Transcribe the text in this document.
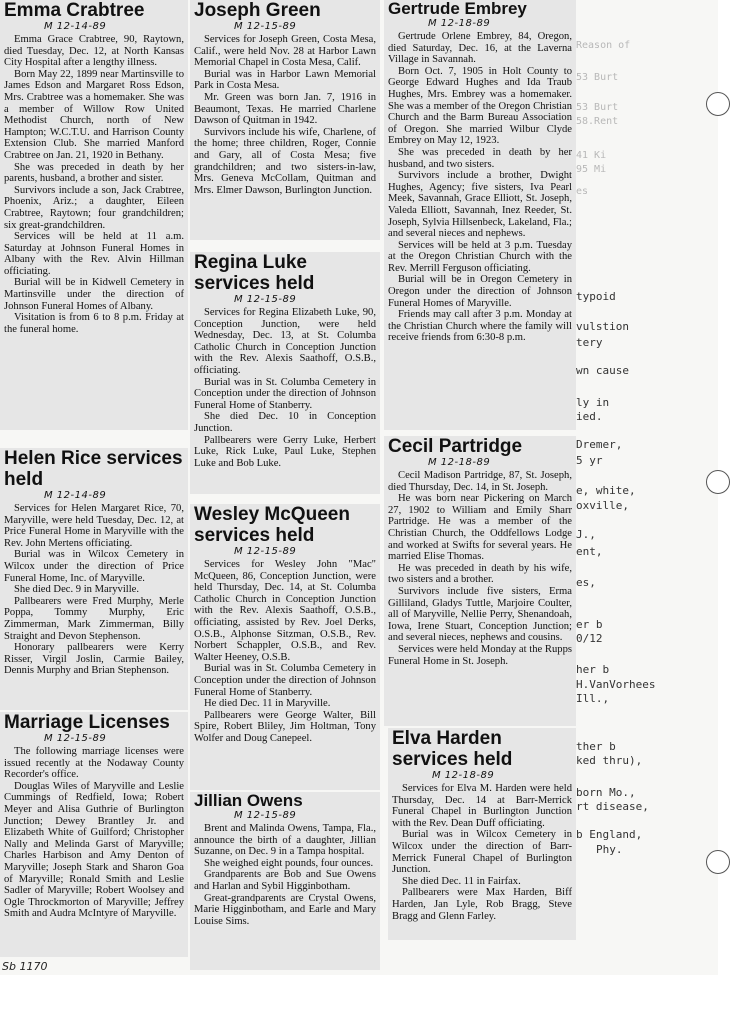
Reason of
53 Burt
53 Burt
58.Rent
41 Ki
95 Mi
es
typoid
vulstion
tery
wn cause
ly in
ied.
Dremer,
5 yr
e, white,
oxville,
J.,
ent,
es,
er b
0/12
her b
H.VanVorhees
Ill.,
ther b
ked thru),
born Mo.,
rt disease,
b England,
Phy.
Emma Crabtree
M 12-14-89

Emma Grace Crabtree, 90, Raytown, died Tuesday, Dec. 12, at North Kansas City Hospital after a lengthy illness.

Born May 22, 1899 near Martinsville to James Edson and Margaret Ross Edson, Mrs. Crabtree was a homemaker. She was a member of Willow Row United Methodist Church, north of New Hampton; W.C.T.U. and Harrison County Extension Club. She married Manford Crabtree on Jan. 21, 1920 in Bethany.

She was preceded in death by her parents, husband, a brother and sister.

Survivors include a son, Jack Crabtree, Phoenix, Ariz.; a daughter, Eileen Crabtree, Raytown; four grandchildren; six great-grandchildren.

Services will be held at 11 a.m. Saturday at Johnson Funeral Homes in Albany with the Rev. Alvin Hillman officiating.

Burial will be in Kidwell Cemetery in Martinsville under the direction of Johnson Funeral Homes of Albany.

Visitation is from 6 to 8 p.m. Friday at the funeral home.

Helen Rice services held
M 12-14-89

Services for Helen Margaret Rice, 70, Maryville, were held Tuesday, Dec. 12, at Price Funeral Home in Maryville with the Rev. John Mertens officiating.

Burial was in Wilcox Cemetery in Wilcox under the direction of Price Funeral Home, Inc. of Maryville.

She died Dec. 9 in Maryville.

Pallbearers were Fred Murphy, Merle Poppa, Tommy Murphy, Eric Zimmerman, Mark Zimmerman, Billy Straight and Devon Stephenson.

Honorary pallbearers were Kerry Risser, Virgil Joslin, Carmie Bailey, Dennis Murphy and Brian Stephenson.

Marriage Licenses
M 12-15-89

The following marriage licenses were issued recently at the Nodaway County Recorder's office.

Douglas Wiles of Maryville and Leslie Cummings of Redfield, Iowa; Robert Meyer and Alisa Guthrie of Burlington Junction; Dewey Brantley Jr. and Elizabeth White of Guilford; Christopher Nally and Melinda Garst of Maryville; Charles Harbison and Amy Denton of Maryville; Joseph Stark and Sharon Goa of Maryville; Ronald Smith and Leslie Sadler of Maryville; Robert Woolsey and Ogle Throckmorton of Maryville; Jeffrey Smith and Audra McIntyre of Maryville.

Joseph Green
M 12-15-89

Services for Joseph Green, Costa Mesa, Calif., were held Nov. 28 at Harbor Lawn Memorial Chapel in Costa Mesa, Calif.

Burial was in Harbor Lawn Memorial Park in Costa Mesa.

Mr. Green was born Jan. 7, 1916 in Beaumont, Texas. He married Charlene Dawson of Quitman in 1942.

Survivors include his wife, Charlene, of the home; three children, Roger, Connie and Gary, all of Costa Mesa; five grandchildren; and two sisters-in-law, Mrs. Geneva McCollam, Quitman and Mrs. Elmer Dawson, Burlington Junction.

Regina Luke services held
M 12-15-89

Services for Regina Elizabeth Luke, 90, Conception Junction, were held Wednesday, Dec. 13, at St. Columba Catholic Church in Conception Junction with the Rev. Alexis Saathoff, O.S.B., officiating.

Burial was in St. Columba Cemetery in Conception under the direction of Johnson Funeral Home of Stanberry.

She died Dec. 10 in Conception Junction.

Pallbearers were Gerry Luke, Herbert Luke, Rick Luke, Paul Luke, Stephen Luke and Bob Luke.

Wesley McQueen services held
M 12-15-89

Services for Wesley John "Mac" McQueen, 86, Conception Junction, were held Thursday, Dec. 14, at St. Columba Catholic Church in Conception Junction with the Rev. Alexis Saathoff, O.S.B., officiating, assisted by Rev. Joel Derks, O.S.B., Alphonse Sitzman, O.S.B., Rev. Norbert Schappler, O.S.B., and Rev. Walter Heeney, O.S.B.

Burial was in St. Columba Cemetery in Conception under the direction of Johnson Funeral Home of Stanberry.

He died Dec. 11 in Maryville.

Pallbearers were George Walter, Bill Spire, Robert Bliley, Jim Holtman, Tony Wolfer and Doug Canepeel.

Jillian Owens
M 12-15-89

Brent and Malinda Owens, Tampa, Fla., announce the birth of a daughter, Jillian Suzanne, on Dec. 9 in a Tampa hospital.

She weighed eight pounds, four ounces.

Grandparents are Bob and Sue Owens and Harlan and Sybil Higginbotham.

Great-grandparents are Crystal Owens, Marie Higginbotham, and Earle and Mary Louise Sims.

Gertrude Embrey
M 12-18-89

Gertrude Orlene Embrey, 84, Oregon, died Saturday, Dec. 16, at the Laverna Village in Savannah.

Born Oct. 7, 1905 in Holt County to George Edward Hughes and Ida Traub Hughes, Mrs. Embrey was a homemaker. She was a member of the Oregon Christian Church and the Barm Bureau Association of Oregon. She married Wilbur Clyde Embrey on May 12, 1923.

She was preceded in death by her husband, and two sisters.

Survivors include a brother, Dwight Hughes, Agency; five sisters, Iva Pearl Meek, Savannah, Grace Elliott, St. Joseph, Valeda Elliott, Savannah, Inez Reeder, St. Joseph, Sylvia Hillsenbeck, Lakeland, Fla.; and several nieces and nephews.

Services will be held at 3 p.m. Tuesday at the Oregon Christian Church with the Rev. Merrill Ferguson officiating.

Burial will be in Oregon Cemetery in Oregon under the direction of Johnson Funeral Homes of Maryville.

Friends may call after 3 p.m. Monday at the Christian Church where the family will receive friends from 6:30-8 p.m.

Cecil Partridge
M 12-18-89

Cecil Madison Partridge, 87, St. Joseph, died Thursday, Dec. 14, in St. Joseph.

He was born near Pickering on March 27, 1902 to William and Emily Sharr Partridge. He was a member of the Christian Church, the Oddfellows Lodge and worked at Swifts for several years. He married Elise Thomas.

He was preceded in death by his wife, two sisters and a brother.

Survivors include five sisters, Erma Gilliland, Gladys Tuttle, Marjoire Coulter, all of Maryville, Nellie Perry, Shenandoah, Iowa, Irene Stuart, Conception Junction; and several nieces, nephews and cousins.

Services were held Monday at the Rupps Funeral Home in St. Joseph.

Elva Harden services held
M 12-18-89

Services for Elva M. Harden were held Thursday, Dec. 14 at Barr-Merrick Funeral Chapel in Burlington Junction with the Rev. Dean Duff officiating.

Burial was in Wilcox Cemetery in Wilcox under the direction of Barr-Merrick Funeral Chapel of Burlington Junction.

She died Dec. 11 in Fairfax.

Pallbearers were Max Harden, Biff Harden, Jan Lyle, Rob Bragg, Steve Bragg and Glenn Farley.

Sb 1170
